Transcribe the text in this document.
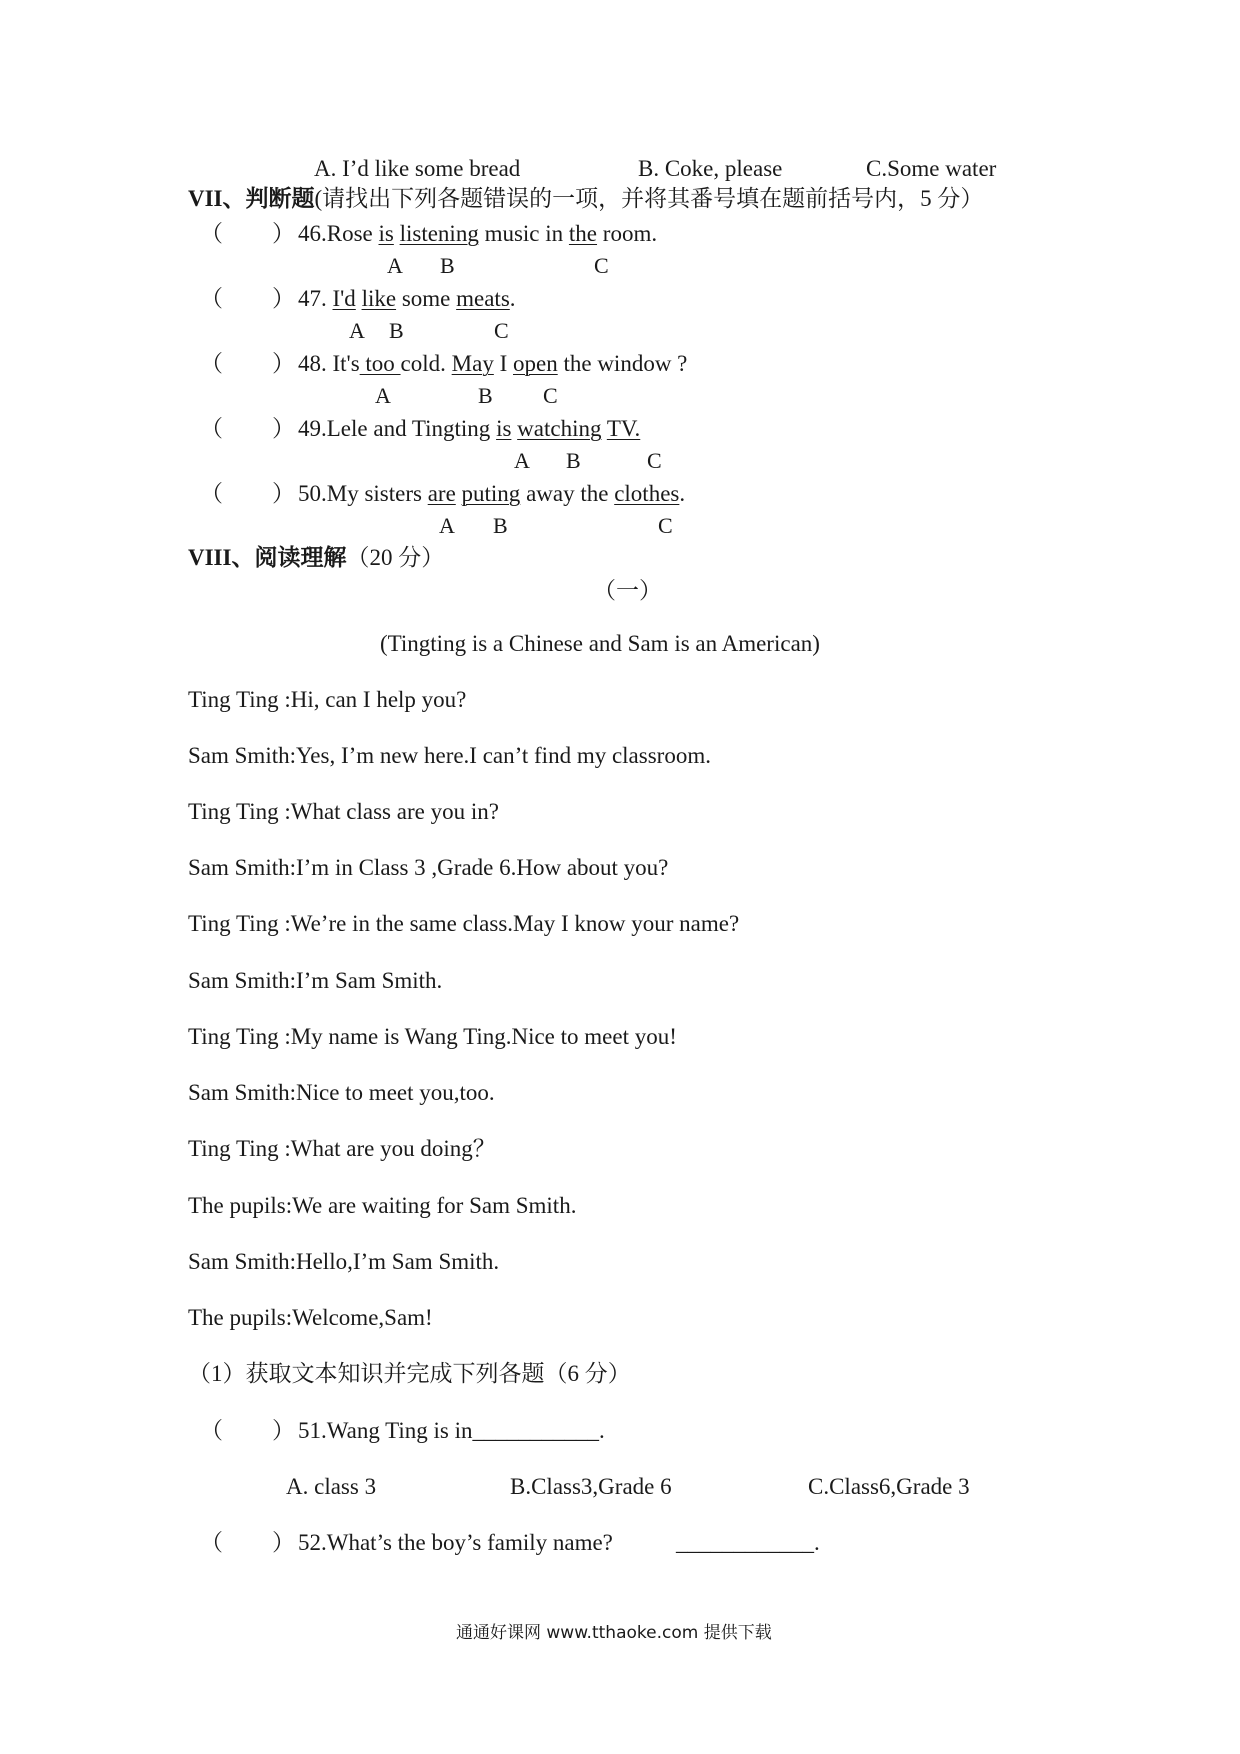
A. I’d like some bread	B. Coke, please	C.Some water
VII、判断题(请找出下列各题错误的一项，并将其番号填在题前括号内，5 分）
（ ） 46.Rose is listening music in the room.
A B	C
（ ） 47. I'd like some meats.
A B	C
（ ） 48. It's too cold. May I open the window ?
A	B C
（ ） 49.Lele and Tingting is watching TV.
A B	C
（ ） 50.My sisters are puting away the clothes.
A B	C
VIII、阅读理解（20 分）
（一）
(Tingting is a Chinese and Sam is an American)
Ting Ting :Hi, can I help you?
Sam Smith:Yes, I’m new here.I can’t find my classroom.
Ting Ting :What class are you in?
Sam Smith:I’m in Class 3 ,Grade 6.How about you?
Ting Ting :We’re in the same class.May I know your name?
Sam Smith:I’m Sam Smith.
Ting Ting :My name is Wang Ting.Nice to meet you!
Sam Smith:Nice to meet you,too.
Ting Ting :What are you doing？
The pupils:We are waiting for Sam Smith.
Sam Smith:Hello,I’m Sam Smith.
The pupils:Welcome,Sam!
（1）获取文本知识并完成下列各题（6 分）
（ ） 51.Wang Ting is in___________.
A. class 3	B.Class3,Grade 6	C.Class6,Grade 3
（ ） 52.What’s the boy’s family name?	____________.
通通好课网 www.tthaoke.com 提供下载
